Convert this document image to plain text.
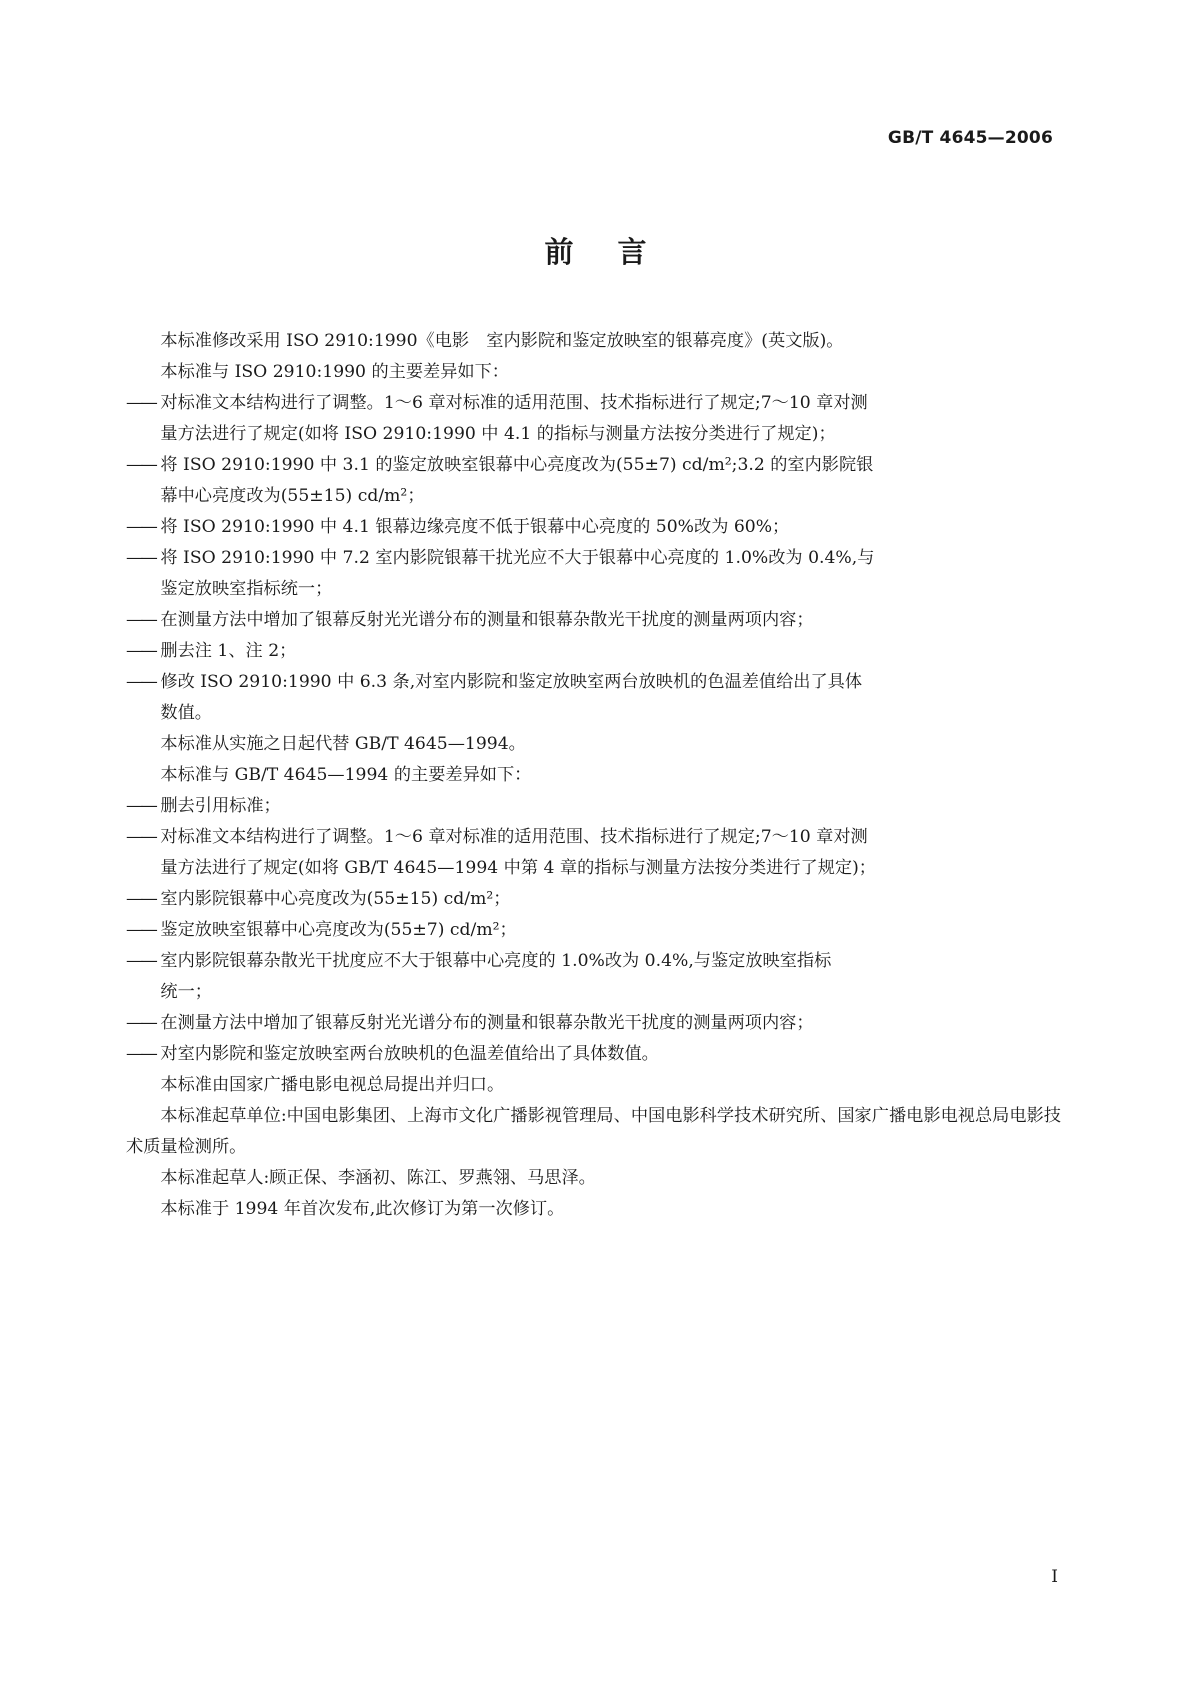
GB/T 4645—2006
前 言

本标准修改采用 ISO 2910:1990《电影　室内影院和鉴定放映室的银幕亮度》(英文版)。

本标准与 ISO 2910:1990 的主要差异如下：

—— 对标准文本结构进行了调整。1～6 章对标准的适用范围、技术指标进行了规定;7～10 章对测
量方法进行了规定(如将 ISO 2910:1990 中 4.1 的指标与测量方法按分类进行了规定)；
—— 将 ISO 2910:1990 中 3.1 的鉴定放映室银幕中心亮度改为(55±7) cd/m²;3.2 的室内影院银
幕中心亮度改为(55±15) cd/m²；
—— 将 ISO 2910:1990 中 4.1 银幕边缘亮度不低于银幕中心亮度的 50%改为 60%；
—— 将 ISO 2910:1990 中 7.2 室内影院银幕干扰光应不大于银幕中心亮度的 1.0%改为 0.4%,与
鉴定放映室指标统一；
—— 在测量方法中增加了银幕反射光光谱分布的测量和银幕杂散光干扰度的测量两项内容；
—— 删去注 1、注 2；
—— 修改 ISO 2910:1990 中 6.3 条,对室内影院和鉴定放映室两台放映机的色温差值给出了具体
数值。

本标准从实施之日起代替 GB/T 4645—1994。

本标准与 GB/T 4645—1994 的主要差异如下：

—— 删去引用标准；
—— 对标准文本结构进行了调整。1～6 章对标准的适用范围、技术指标进行了规定;7～10 章对测
量方法进行了规定(如将 GB/T 4645—1994 中第 4 章的指标与测量方法按分类进行了规定)；
—— 室内影院银幕中心亮度改为(55±15) cd/m²；
—— 鉴定放映室银幕中心亮度改为(55±7) cd/m²；
—— 室内影院银幕杂散光干扰度应不大于银幕中心亮度的 1.0%改为 0.4%,与鉴定放映室指标
统一；
—— 在测量方法中增加了银幕反射光光谱分布的测量和银幕杂散光干扰度的测量两项内容；
—— 对室内影院和鉴定放映室两台放映机的色温差值给出了具体数值。

本标准由国家广播电影电视总局提出并归口。

本标准起草单位:中国电影集团、上海市文化广播影视管理局、中国电影科学技术研究所、国家广播电影电视总局电影技术质量检测所。

本标准起草人:顾正保、李涵初、陈江、罗燕翎、马思泽。

本标准于 1994 年首次发布,此次修订为第一次修订。

I
